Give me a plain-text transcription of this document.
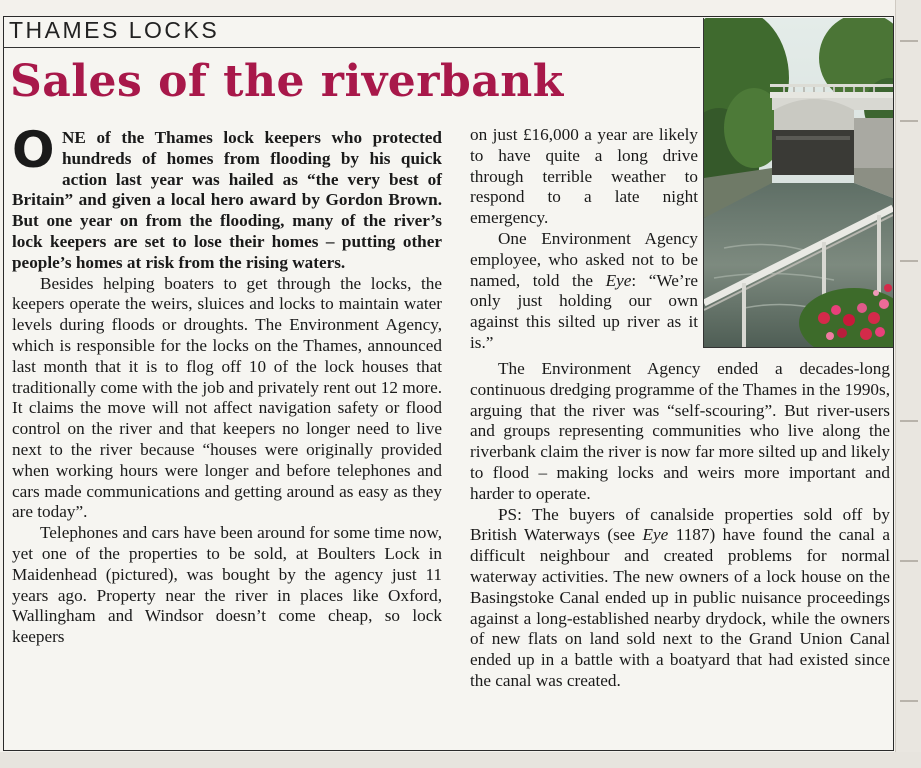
THAMES LOCKS
Sales of the riverbank

ONE of the Thames lock keepers who protected hundreds of homes from flooding by his quick action last year was hailed as “the very best of Britain” and given a local hero award by Gordon Brown. But one year on from the flooding, many of the river’s lock keepers are set to lose their homes – putting other people’s homes at risk from the rising waters.

Besides helping boaters to get through the locks, the keepers operate the weirs, sluices and locks to maintain water levels during floods or droughts. The Environment Agency, which is responsible for the locks on the Thames, announced last month that it is to flog off 10 of the lock houses that traditionally come with the job and privately rent out 12 more. It claims the move will not affect navigation safety or flood control on the river and that keepers no longer need to live next to the river because “houses were originally provided when working hours were longer and before telephones and cars made communications and getting around as easy as they are today”.

Telephones and cars have been around for some time now, yet one of the properties to be sold, at Boulters Lock in Maidenhead (pictured), was bought by the agency just 11 years ago. Property near the river in places like Oxford, Wallingham and Windsor doesn’t come cheap, so lock keepers

on just £16,000 a year are likely to have quite a long drive through terrible weather to respond to a late night emergency.

One Environment Agency employee, who asked not to be named, told the Eye: “We’re only just holding our own against this silted up river as it is.”

The Environment Agency ended a decades-long continuous dredging programme of the Thames in the 1990s, arguing that the river was “self-scouring”. But river-users and groups representing communities who live along the riverbank claim the river is now far more silted up and likely to flood – making locks and weirs more important and harder to operate.

PS: The buyers of canalside properties sold off by British Waterways (see Eye 1187) have found the canal a difficult neighbour and created problems for normal waterway activities. The new owners of a lock house on the Basingstoke Canal ended up in public nuisance proceedings against a long-established nearby drydock, while the owners of new flats on land sold next to the Grand Union Canal ended up in a battle with a boatyard that had existed since the canal was created.
